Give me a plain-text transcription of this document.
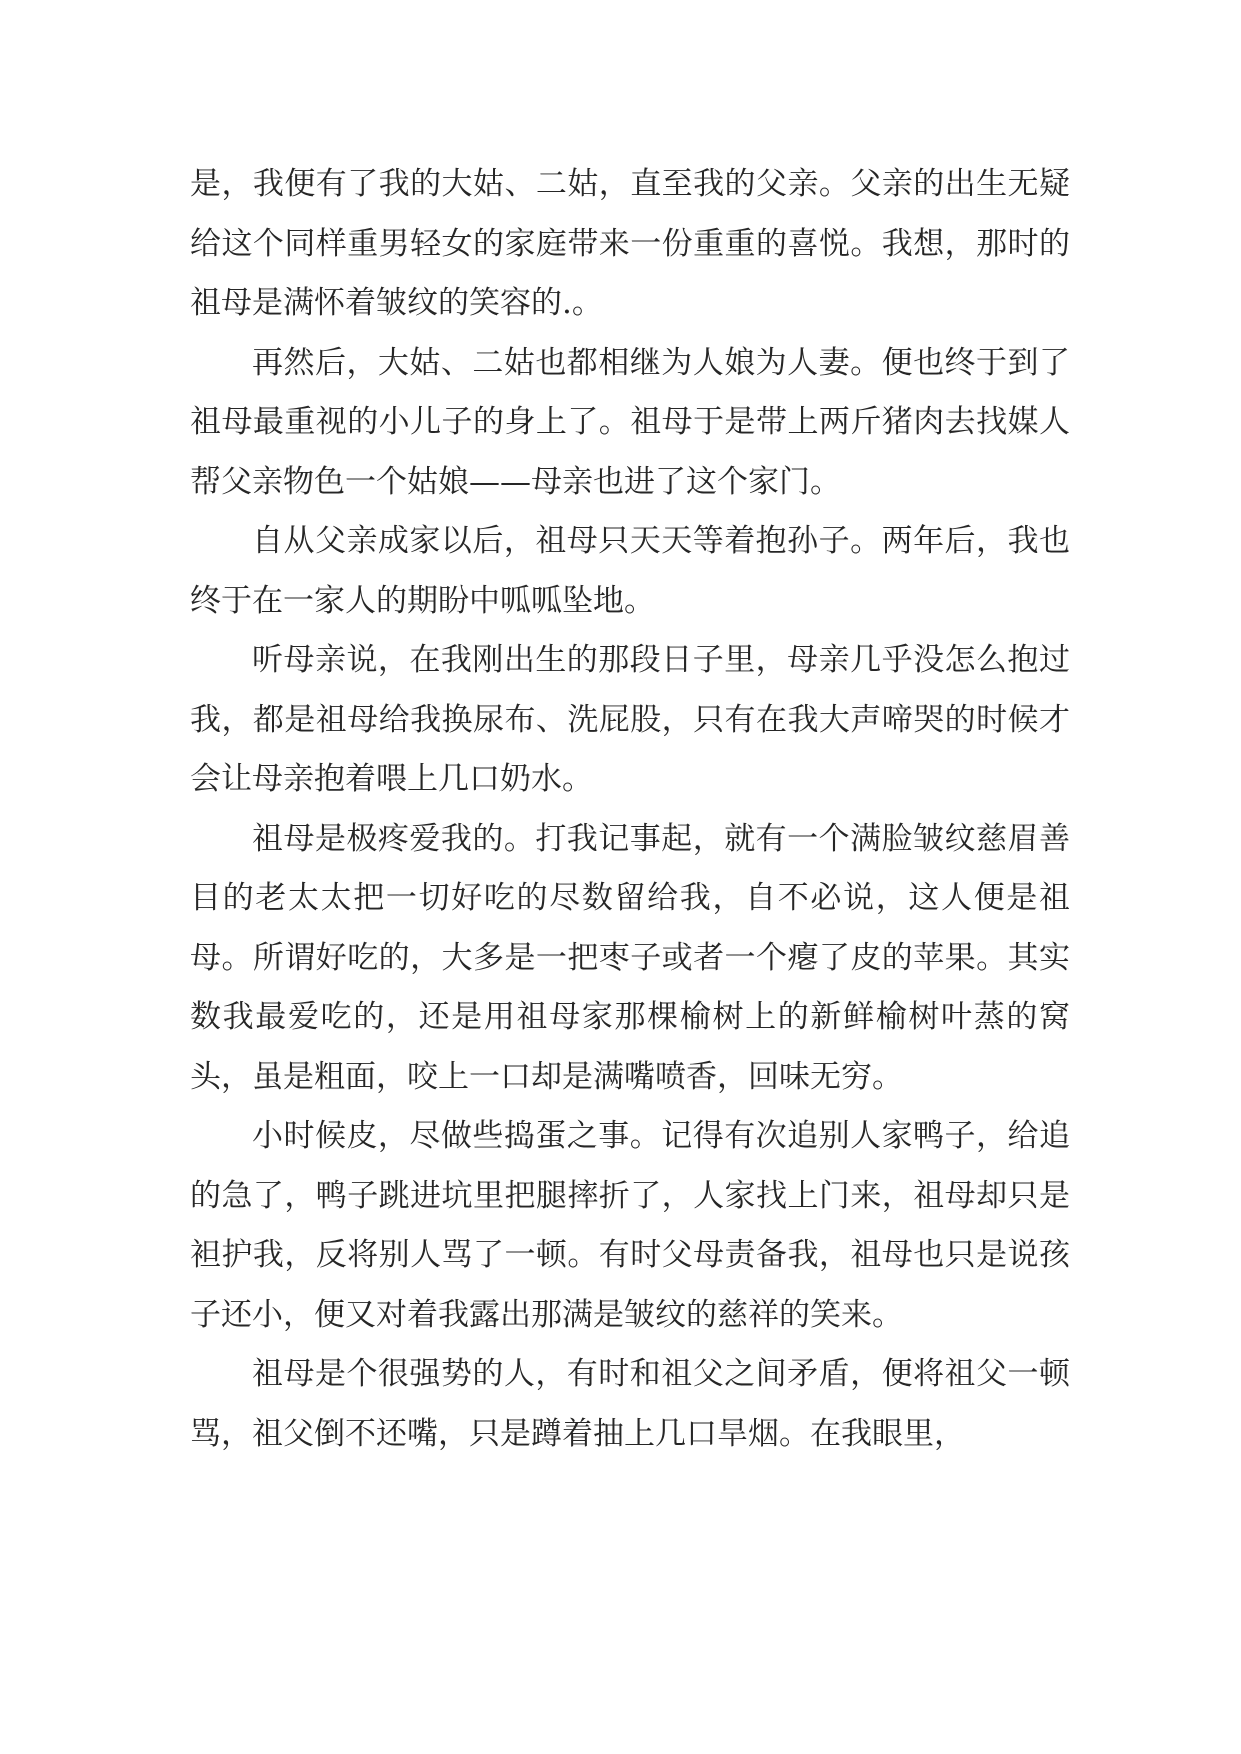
是，我便有了我的大姑、二姑，直至我的父亲。父亲的出生无疑给这个同样重男轻女的家庭带来一份重重的喜悦。我想，那时的祖母是满怀着皱纹的笑容的.。

再然后，大姑、二姑也都相继为人娘为人妻。便也终于到了祖母最重视的小儿子的身上了。祖母于是带上两斤猪肉去找媒人帮父亲物色一个姑娘——母亲也进了这个家门。

自从父亲成家以后，祖母只天天等着抱孙子。两年后，我也终于在一家人的期盼中呱呱坠地。

听母亲说，在我刚出生的那段日子里，母亲几乎没怎么抱过我，都是祖母给我换尿布、洗屁股，只有在我大声啼哭的时候才会让母亲抱着喂上几口奶水。

祖母是极疼爱我的。打我记事起，就有一个满脸皱纹慈眉善目的老太太把一切好吃的尽数留给我，自不必说，这人便是祖母。所谓好吃的，大多是一把枣子或者一个瘪了皮的苹果。其实数我最爱吃的，还是用祖母家那棵榆树上的新鲜榆树叶蒸的窝头，虽是粗面，咬上一口却是满嘴喷香，回味无穷。

小时候皮，尽做些捣蛋之事。记得有次追别人家鸭子，给追的急了，鸭子跳进坑里把腿摔折了，人家找上门来，祖母却只是袒护我，反将别人骂了一顿。有时父母责备我，祖母也只是说孩子还小，便又对着我露出那满是皱纹的慈祥的笑来。

祖母是个很强势的人，有时和祖父之间矛盾，便将祖父一顿骂，祖父倒不还嘴，只是蹲着抽上几口旱烟。在我眼里，
